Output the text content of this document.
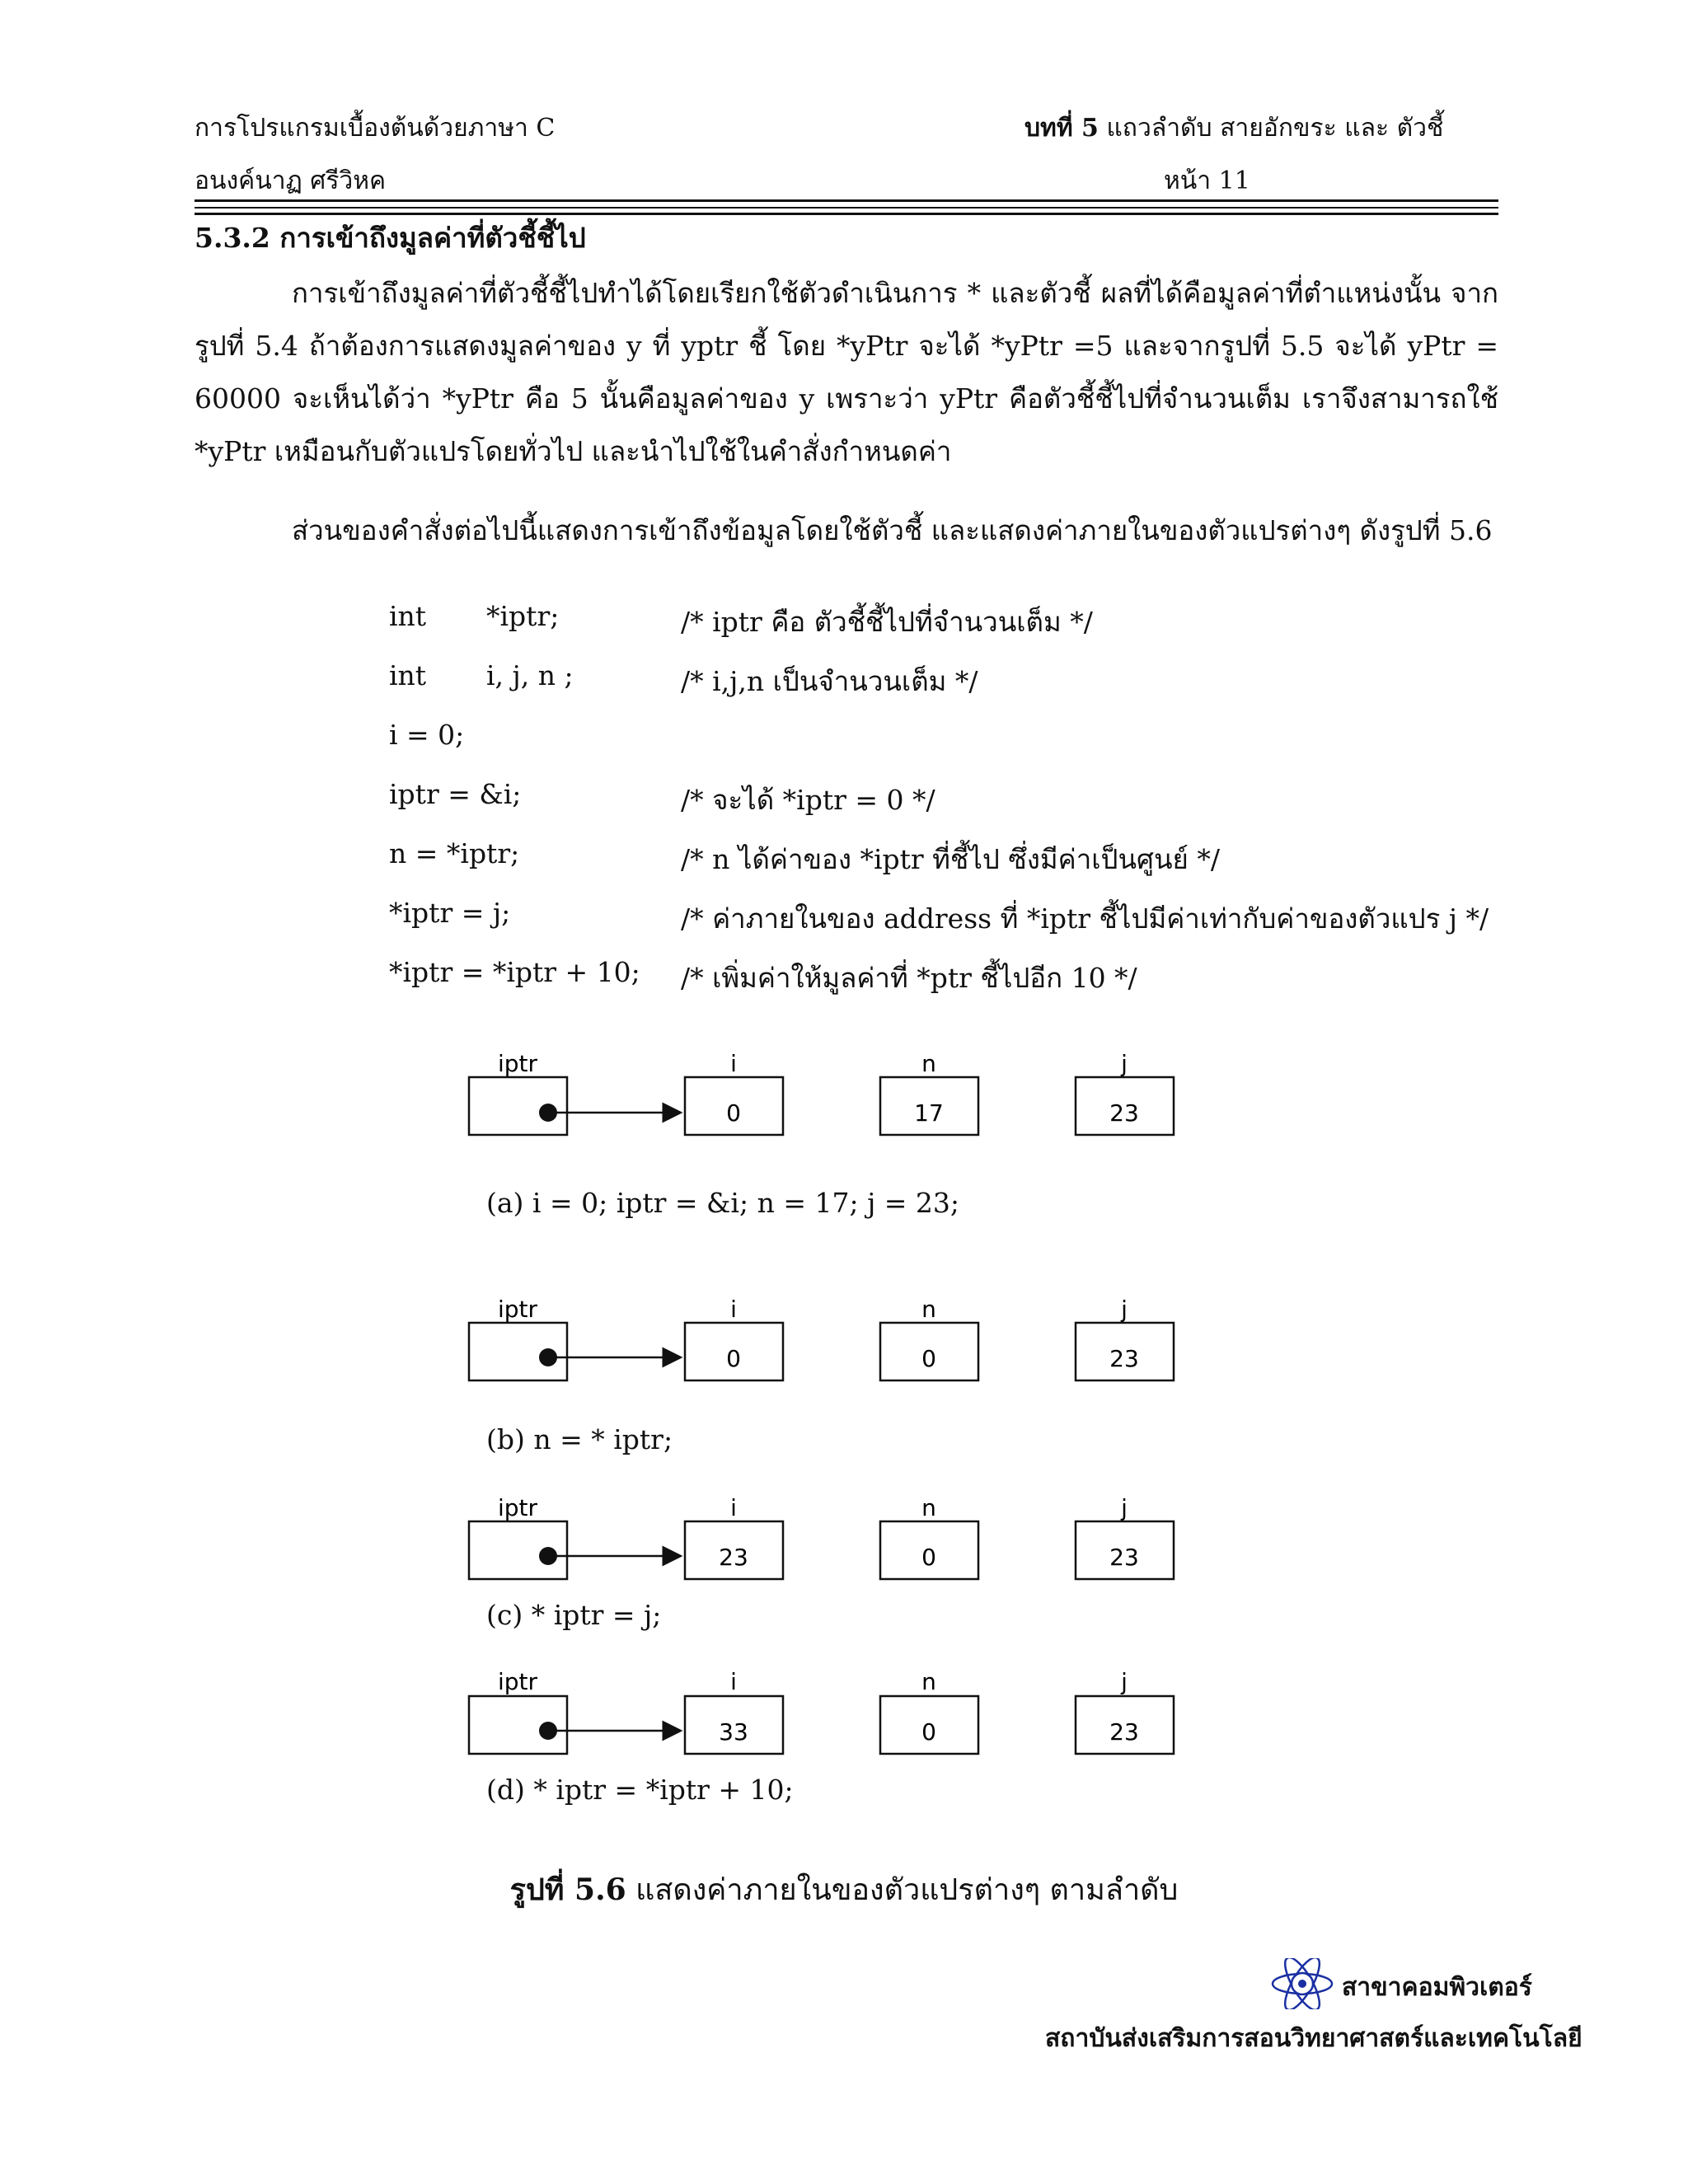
การโปรแกรมเบื้องต้นด้วยภาษา C	บทที่ 5 แถวลำดับ สายอักขระ และ ตัวชี้
อนงค์นาฏ ศรีวิหค	หน้า 11
5.3.2 การเข้าถึงมูลค่าที่ตัวชี้ชี้ไป
การเข้าถึงมูลค่าที่ตัวชี้ชี้ไปทำได้โดยเรียกใช้ตัวดำเนินการ * และตัวชี้ ผลที่ได้คือมูลค่าที่ตำแหน่งนั้น จากรูปที่ 5.4 ถ้าต้องการแสดงมูลค่าของ y ที่ yptr ชี้ โดย *yPtr จะได้ *yPtr =5 และจากรูปที่ 5.5 จะได้ yPtr = 60000 จะเห็นได้ว่า *yPtr คือ 5 นั้นคือมูลค่าของ y เพราะว่า yPtr คือตัวชี้ชี้ไปที่จำนวนเต็ม เราจึงสามารถใช้ *yPtr เหมือนกับตัวแปรโดยทั่วไป และนำไปใช้ในคำสั่งกำหนดค่า
ส่วนของคำสั่งต่อไปนี้แสดงการเข้าถึงข้อมูลโดยใช้ตัวชี้ และแสดงค่าภายในของตัวแปรต่างๆ ดังรูปที่ 5.6
int *iptr;	/* iptr คือ ตัวชี้ชี้ไปที่จำนวนเต็ม */
int i, j, n ;	/* i,j,n เป็นจำนวนเต็ม */
i = 0;
iptr = &i;	/* จะได้ *iptr = 0 */
n = *iptr;	/* n ได้ค่าของ *iptr ที่ชี้ไป ซึ่งมีค่าเป็นศูนย์ */
*iptr = j;	/* ค่าภายในของ address ที่ *iptr ชี้ไปมีค่าเท่ากับค่าของตัวแปร j */
*iptr = *iptr + 10; /* เพิ่มค่าให้มูลค่าที่ *ptr ชี้ไปอีก 10 */
iptr	i	n	j
0	17	23
iptr	i	n	j
0	0	23
iptr	i	n	j
23	0	23
iptr	i	n	j
33	0	23
(a) i = 0; iptr = &i; n = 17; j = 23;
(b) n = * iptr;
(c) * iptr = j;
(d) * iptr = *iptr + 10;
รูปที่ 5.6 แสดงค่าภายในของตัวแปรต่างๆ ตามลำดับ
สาขาคอมพิวเตอร์
สถาบันส่งเสริมการสอนวิทยาศาสตร์และเทคโนโลยี
